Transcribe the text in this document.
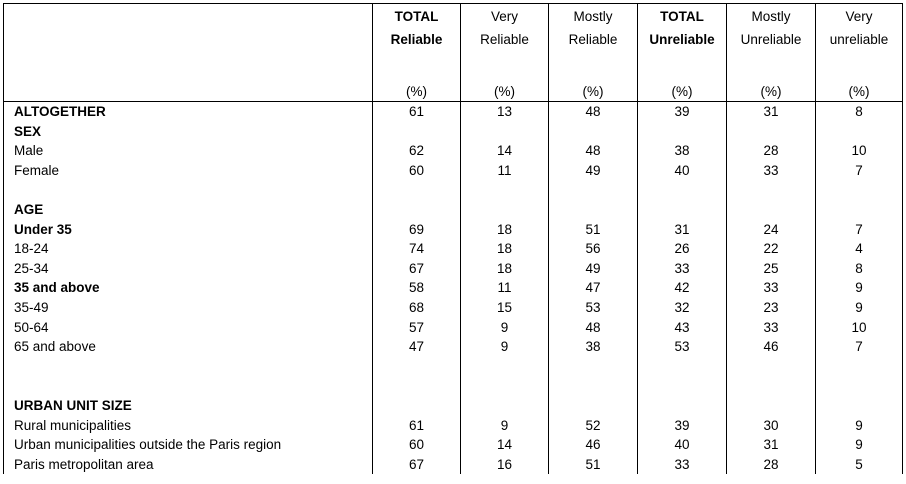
	TOTAL
Reliable
(%)	Very
Reliable
(%)	Mostly
Reliable
(%)	TOTAL
Unreliable
(%)	Mostly
Unreliable
(%)	Very
unreliable
(%)

ALTOGETHER	61	13	48	39	31	8
SEX						
Male	62	14	48	38	28	10
Female	60	11	49	40	33	7

AGE						
Under 35	69	18	51	31	24	7
18-24	74	18	56	26	22	4
25-34	67	18	49	33	25	8
35 and above	58	11	47	42	33	9
35-49	68	15	53	32	23	9
50-64	57	9	48	43	33	10
65 and above	47	9	38	53	46	7

URBAN UNIT SIZE						
Rural municipalities	61	9	52	39	30	9
Urban municipalities outside the Paris region	60	14	46	40	31	9
Paris metropolitan area	67	16	51	33	28	5
